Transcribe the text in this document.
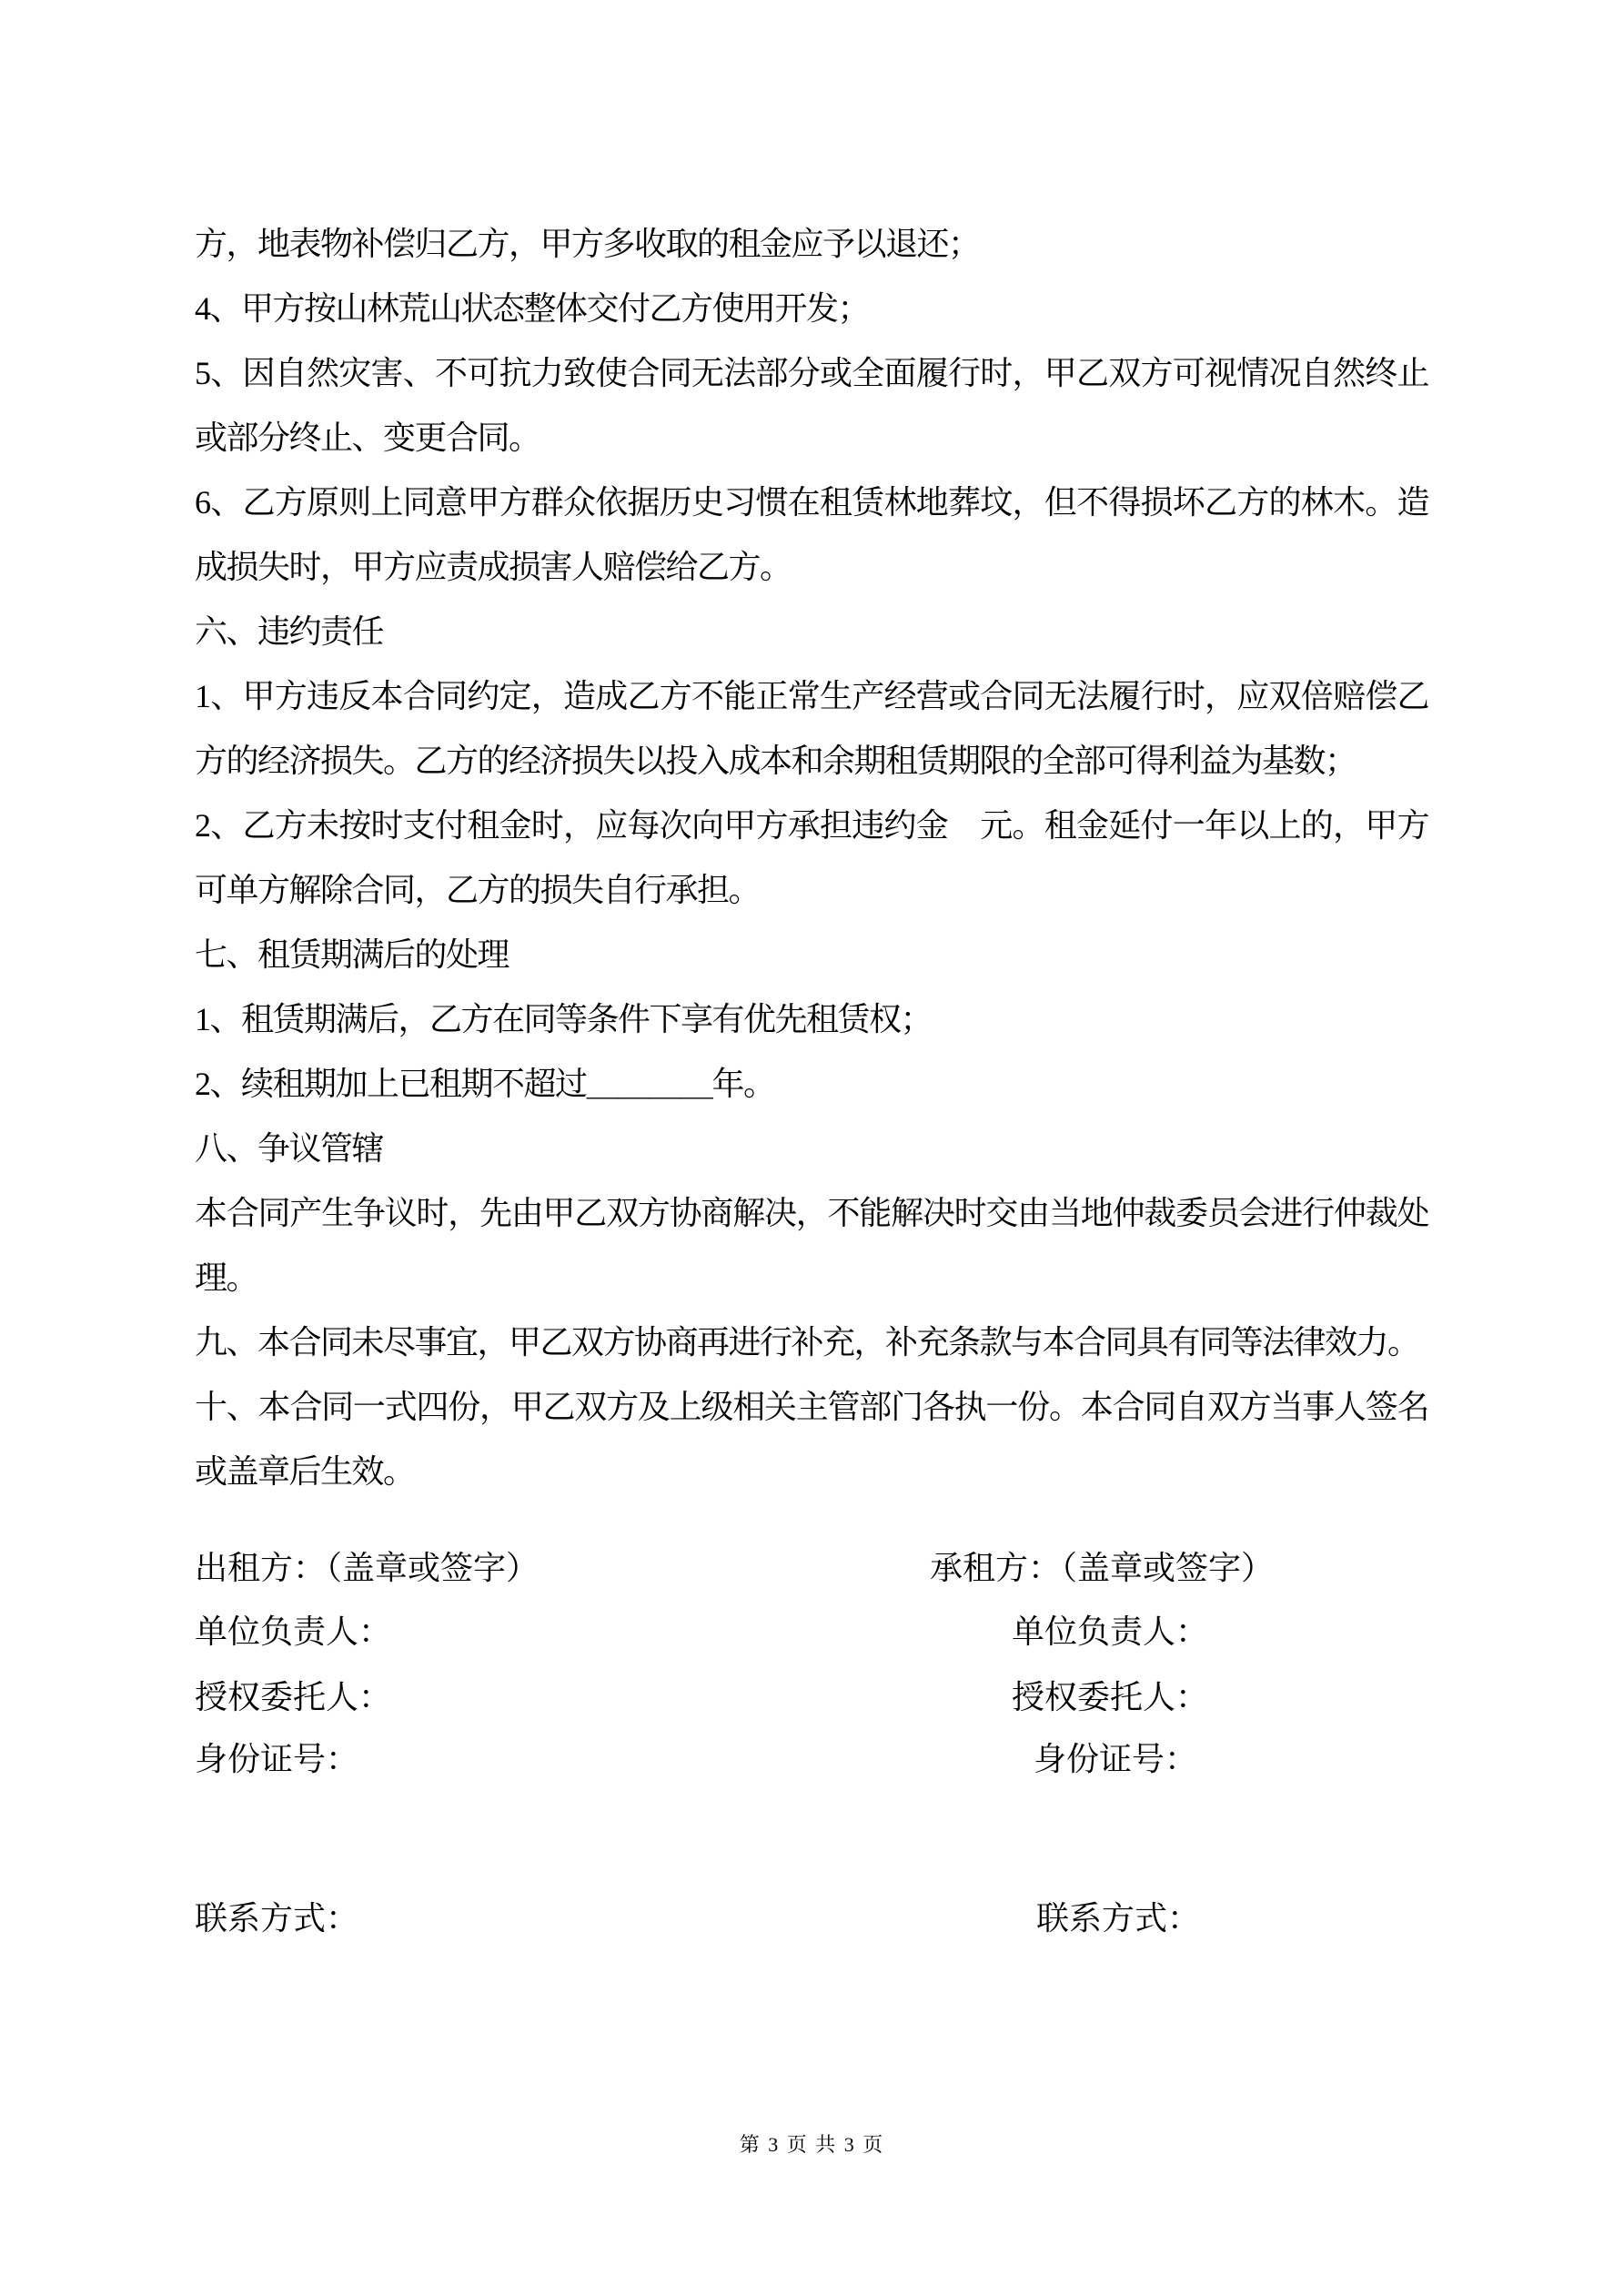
方，地表物补偿归乙方，甲方多收取的租金应予以退还；

4、甲方按山林荒山状态整体交付乙方使用开发；

5、因自然灾害、不可抗力致使合同无法部分或全面履行时，甲乙双方可视情况自然终止或部分终止、变更合同。

6、乙方原则上同意甲方群众依据历史习惯在租赁林地葬坟，但不得损坏乙方的林木。造成损失时，甲方应责成损害人赔偿给乙方。

六、违约责任

1、甲方违反本合同约定，造成乙方不能正常生产经营或合同无法履行时，应双倍赔偿乙方的经济损失。乙方的经济损失以投入成本和余期租赁期限的全部可得利益为基数；

2、乙方未按时支付租金时，应每次向甲方承担违约金　元。租金延付一年以上的，甲方可单方解除合同，乙方的损失自行承担。

七、租赁期满后的处理

1、租赁期满后，乙方在同等条件下享有优先租赁权；

2、续租期加上已租期不超过＿＿＿＿年。

八、争议管辖

本合同产生争议时，先由甲乙双方协商解决，不能解决时交由当地仲裁委员会进行仲裁处理。

九、本合同未尽事宜，甲乙双方协商再进行补充，补充条款与本合同具有同等法律效力。

十、本合同一式四份，甲乙双方及上级相关主管部门各执一份。本合同自双方当事人签名或盖章后生效。

出租方：（盖章或签字）	承租方：（盖章或签字）
单位负责人：	单位负责人：
授权委托人：	授权委托人：
身份证号：	身份证号：
联系方式：	联系方式：
第 3 页 共 3 页
